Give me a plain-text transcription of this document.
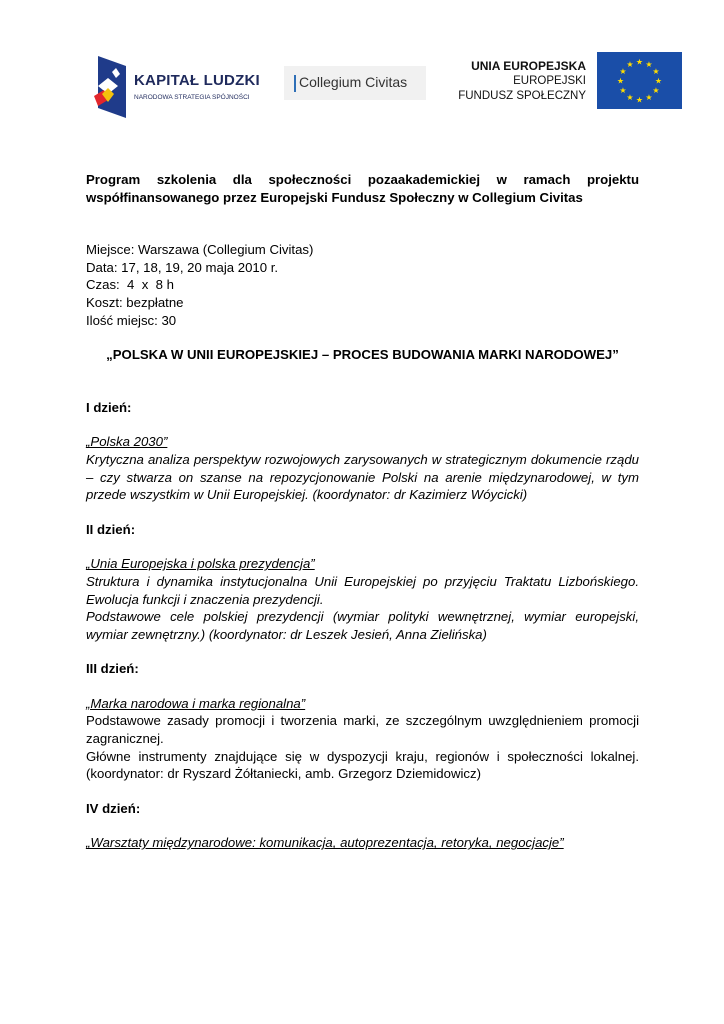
KAPITAŁ LUDZKI
NARODOWA STRATEGIA SPÓJNOŚCI
Collegium Civitas
UNIA EUROPEJSKA
EUROPEJSKI
FUNDUSZ SPOŁECZNY
★ ★
★
★
★
★
★
★
★
★
★
★

Program szkolenia dla społeczności pozaakademickiej w ramach projektu współfinansowanego przez Europejski Fundusz Społeczny w Collegium Civitas

Miejsce: Warszawa (Collegium Civitas)

Data: 17, 18, 19, 20 maja 2010 r.

Czas:  4  x  8 h

Koszt: bezpłatne

Ilość miejsc: 30

„POLSKA W UNII EUROPEJSKIEJ – PROCES BUDOWANIA MARKI NARODOWEJ”

I dzień:

„Polska 2030”

Krytyczna analiza perspektyw rozwojowych zarysowanych w strategicznym dokumencie rządu – czy stwarza on szanse na repozycjonowanie Polski na arenie międzynarodowej, w tym przede wszystkim w Unii Europejskiej. (koordynator: dr Kazimierz Wóycicki)

II dzień:

„Unia Europejska i polska prezydencja”

Struktura i dynamika instytucjonalna Unii Europejskiej po przyjęciu Traktatu Lizbońskiego. Ewolucja funkcji i znaczenia prezydencji.

Podstawowe cele polskiej prezydencji (wymiar polityki wewnętrznej, wymiar europejski, wymiar zewnętrzny.) (koordynator: dr Leszek Jesień, Anna Zielińska)

III dzień:

„Marka narodowa i marka regionalna”

Podstawowe zasady promocji i tworzenia marki, ze szczególnym uwzględnieniem promocji zagranicznej.

Główne instrumenty znajdujące się w dyspozycji kraju, regionów i społeczności lokalnej. (koordynator: dr Ryszard Żółtaniecki, amb. Grzegorz Dziemidowicz)

IV dzień:

„Warsztaty międzynarodowe: komunikacja, autoprezentacja, retoryka, negocjacje”
